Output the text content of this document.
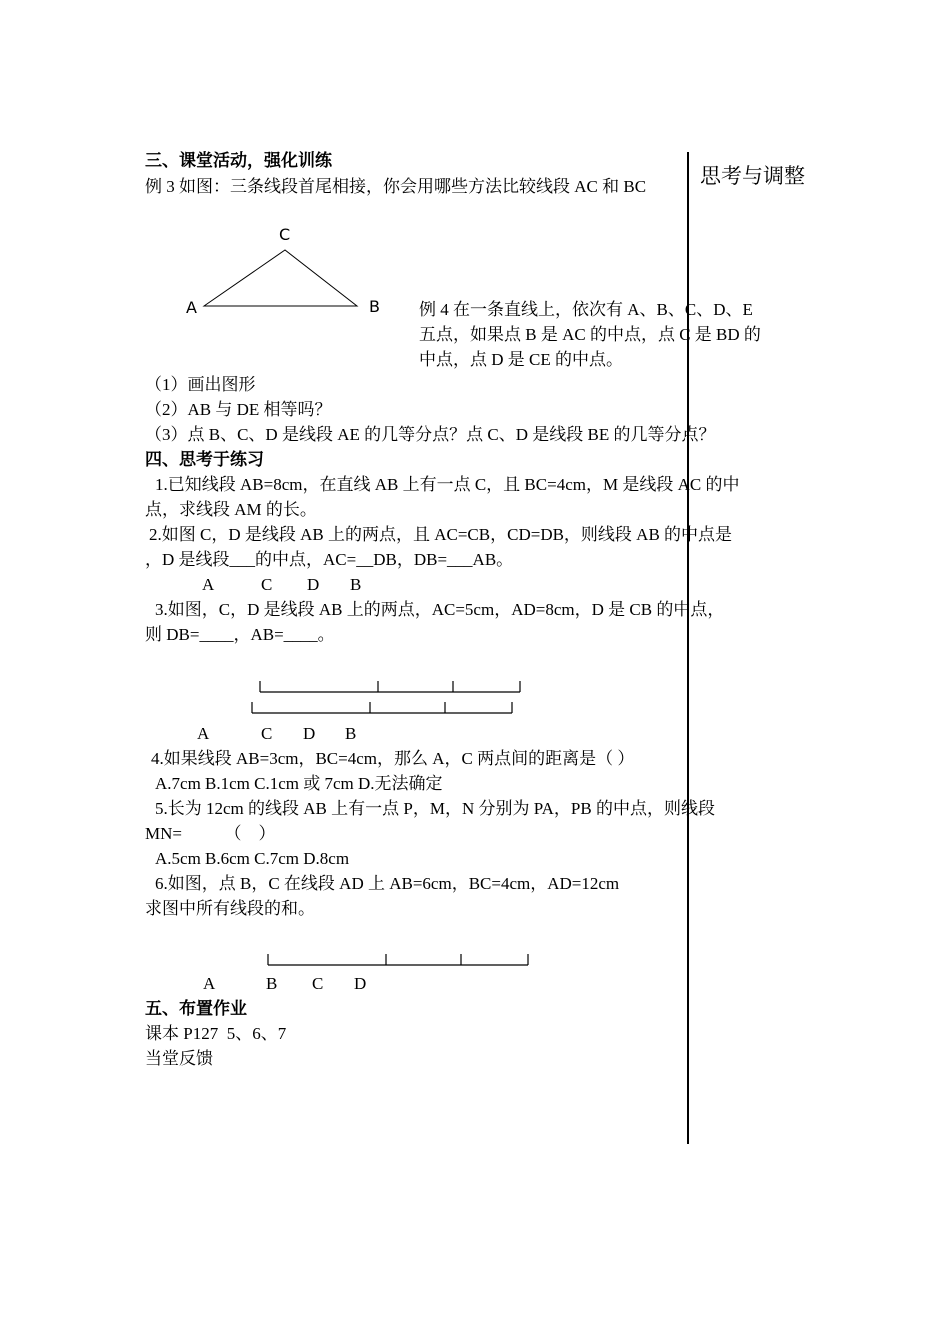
思考与调整
三、课堂活动，强化训练
例 3 如图：三条线段首尾相接，你会用哪些方法比较线段 AC 和 BC
C
A	B 例 4 在一条直线上，依次有 A、B、C、D、E
五点，如果点 B 是 AC 的中点，点 C 是 BD 的
中点，点 D 是 CE 的中点。
（1）画出图形
（2）AB 与 DE 相等吗？
（3）点 B、C、D 是线段 AE 的几等分点？点 C、D 是线段 BE 的几等分点？
四、思考于练习
1.已知线段 AB=8cm，在直线 AB 上有一点 C，且 BC=4cm，M 是线段 AC 的中
点，求线段 AM 的长。
2.如图 C，D 是线段 AB 上的两点，且 AC=CB，CD=DB，则线段 AB 的中点是
，D 是线段___的中点，AC=__DB，DB=___AB。
A	C D B
3.如图，C，D 是线段 AB 上的两点，AC=5cm，AD=8cm，D 是 CB 的中点，
则 DB=____，AB=____。
A	C D B
4.如果线段 AB=3cm，BC=4cm，那么 A，C 两点间的距离是（ ）
A.7cm B.1cm C.1cm 或 7cm D.无法确定
5.长为 12cm 的线段 AB 上有一点 P，M，N 分别为 PA，PB 的中点，则线段
MN=          （    ）
A.5cm B.6cm C.7cm D.8cm
6.如图，点 B，C 在线段 AD 上 AB=6cm，BC=4cm，AD=12cm
求图中所有线段的和。
A	B C D
五、布置作业
课本 P127  5、6、7
当堂反馈
